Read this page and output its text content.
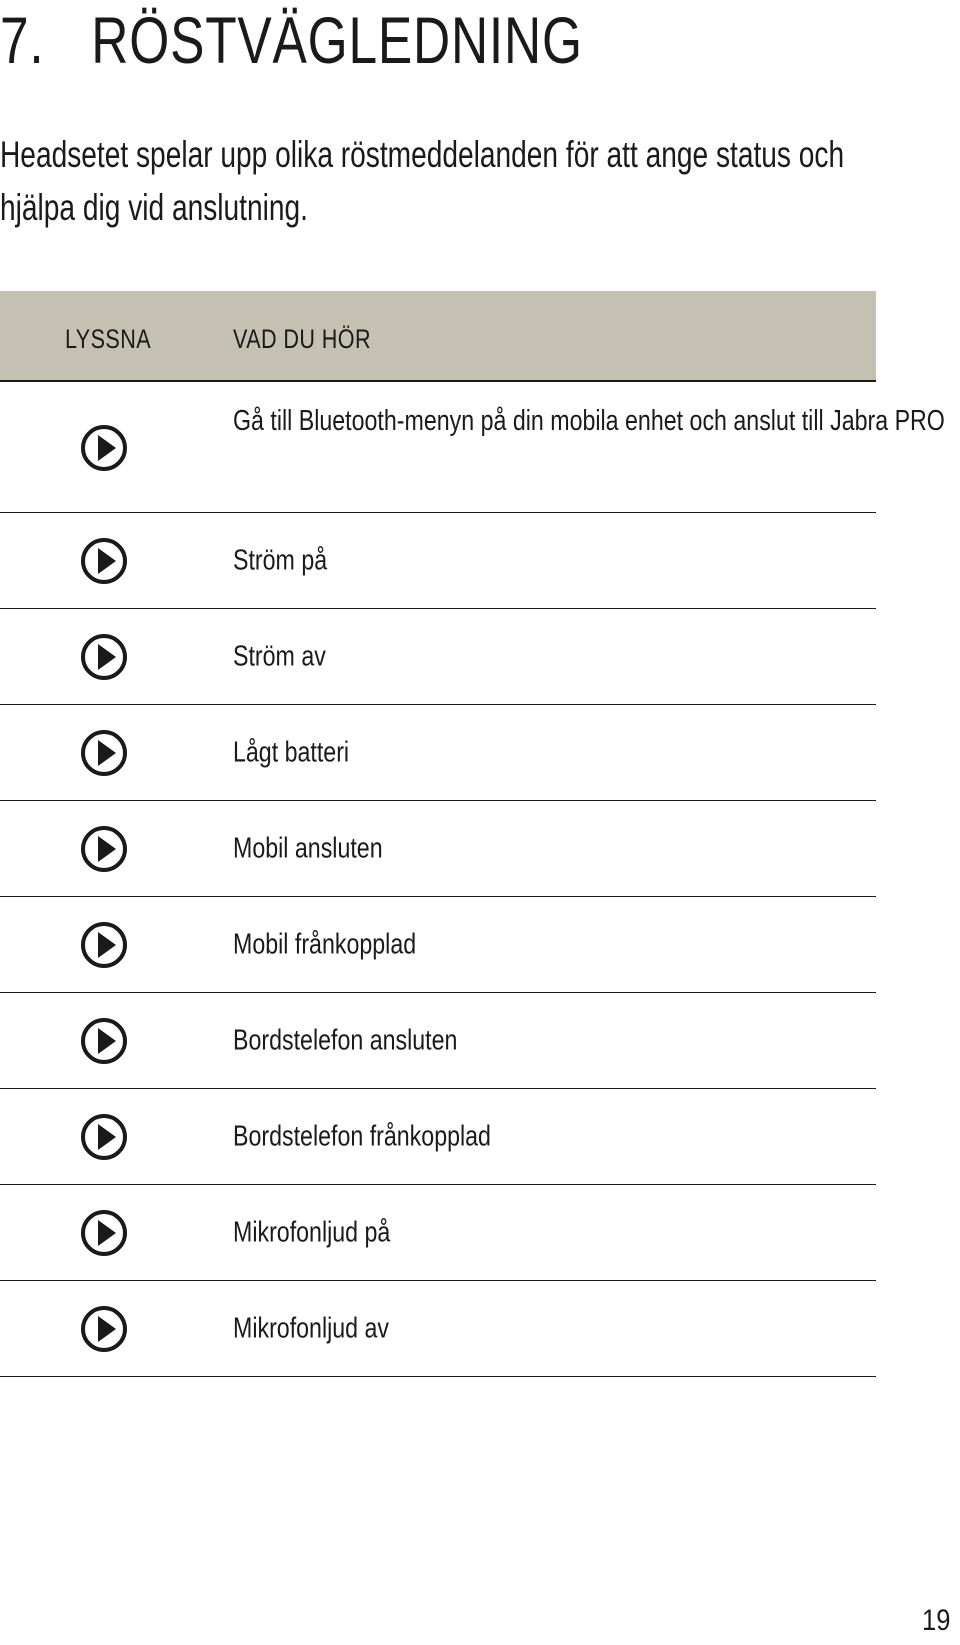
7. RÖSTVÄGLEDNING

Headsetet spelar upp olika röstmeddelanden för att ange status och hjälpa dig vid anslutning.

LYSSNA	VAD DU HÖR

Gå till Bluetooth-menyn på din mobila enhet och anslut till Jabra PRO

Ström på

Ström av

Lågt batteri

Mobil ansluten

Mobil frånkopplad

Bordstelefon ansluten

Bordstelefon frånkopplad

Mikrofonljud på

Mikrofonljud av

19
